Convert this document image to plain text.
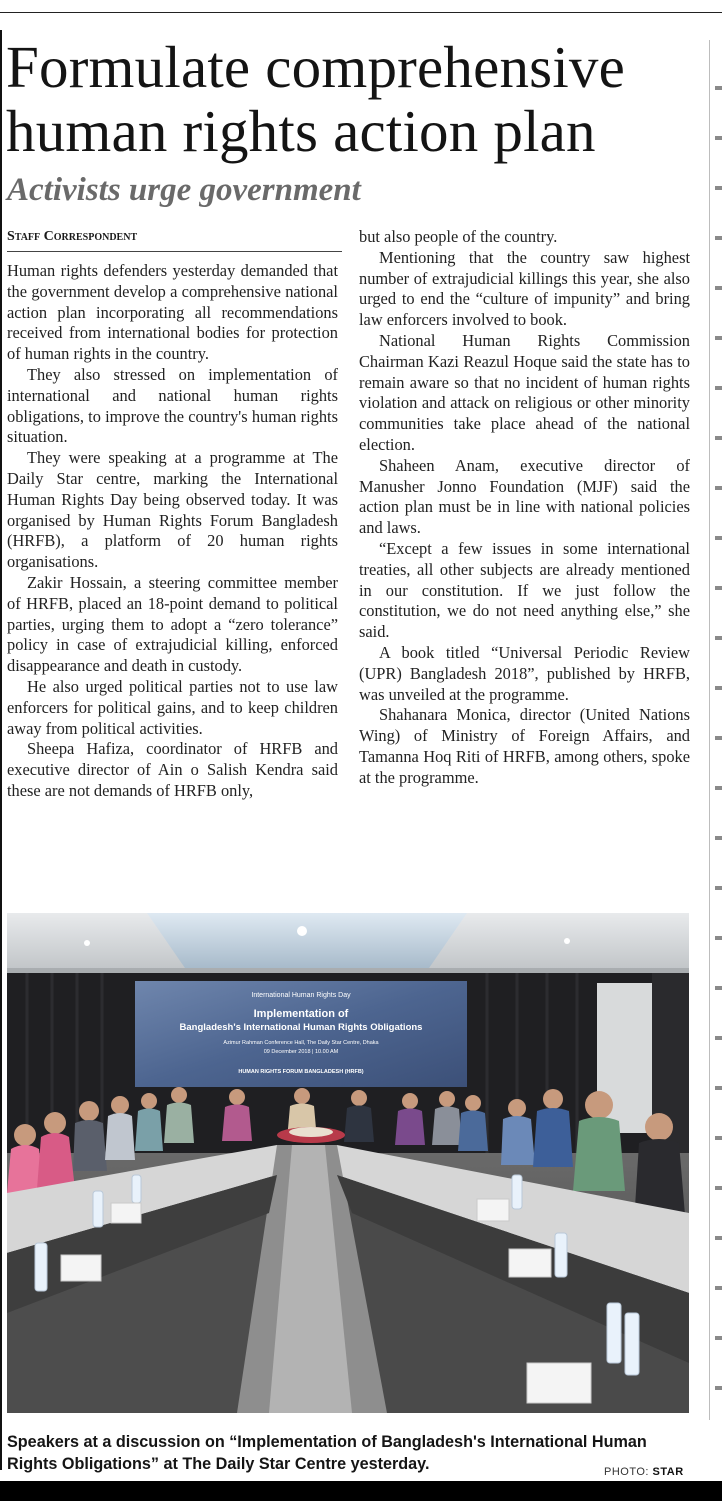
Formulate comprehensive
human rights action plan
Activists urge government
Staff Correspondent

Human rights defenders yesterday demanded that the government develop a comprehensive national action plan incorporating all recommendations received from international bodies for protection of human rights in the country.

They also stressed on implementation of international and national human rights obligations, to improve the country's human rights situation.

They were speaking at a programme at The Daily Star centre, marking the International Human Rights Day being observed today. It was organised by Human Rights Forum Bangladesh (HRFB), a platform of 20 human rights organisations.

Zakir Hossain, a steering committee member of HRFB, placed an 18-point demand to political parties, urging them to adopt a “zero tolerance” policy in case of extrajudicial killing, enforced disappearance and death in custody.

He also urged political parties not to use law enforcers for political gains, and to keep children away from political activities.

Sheepa Hafiza, coordinator of HRFB and executive director of Ain o Salish Kendra said these are not demands of HRFB only,

but also people of the country.

Mentioning that the country saw highest number of extrajudicial killings this year, she also urged to end the “culture of impunity” and bring law enforcers involved to book.

National Human Rights Commission Chairman Kazi Reazul Hoque said the state has to remain aware so that no incident of human rights violation and attack on religious or other minority communities take place ahead of the national election.

Shaheen Anam, executive director of Manusher Jonno Foundation (MJF) said the action plan must be in line with national policies and laws.

“Except a few issues in some international treaties, all other subjects are already mentioned in our constitution. If we just follow the constitution, we do not need anything else,” she said.

A book titled “Universal Periodic Review (UPR) Bangladesh 2018”, published by HRFB, was unveiled at the programme.

Shahanara Monica, director (United Nations Wing) of Ministry of Foreign Affairs, and Tamanna Hoq Riti of HRFB, among others, spoke at the programme.

International Human Rights Day
Implementation of
Bangladesh's International Human Rights Obligations
Azimur Rahman Conference Hall, The Daily Star Centre, Dhaka
09 December 2018 | 10.00 AM
HUMAN RIGHTS FORUM BANGLADESH (HRFB)

Speakers at a discussion on “Implementation of Bangladesh's International Human Rights Obligations” at The Daily Star Centre yesterday.	PHOTO: STAR
